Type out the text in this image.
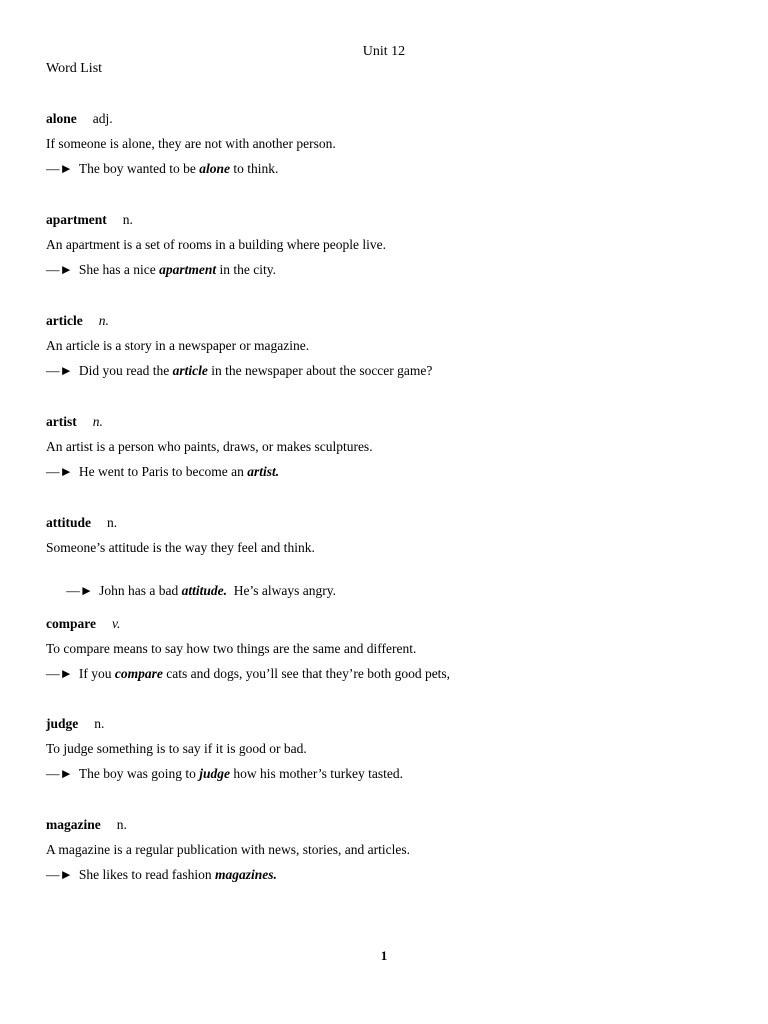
Unit 12
Word List
alone adj.
If someone is alone, they are not with another person.
—► The boy wanted to be alone to think.
apartment n.
An apartment is a set of rooms in a building where people live.
—► She has a nice apartment in the city.
article n.
An article is a story in a newspaper or magazine.
—► Did you read the article in the newspaper about the soccer game?
artist n.
An artist is a person who paints, draws, or makes sculptures.
—► He went to Paris to become an artist.
attitude n.
Someone’s attitude is the way they feel and think.

—► John has a bad attitude.  He’s always angry.

compare v.
To compare means to say how two things are the same and different.
—► If you compare cats and dogs, you’ll see that they’re both good pets,
judge n.
To judge something is to say if it is good or bad.
—► The boy was going to judge how his mother’s turkey tasted.
magazine n.
A magazine is a regular publication with news, stories, and articles.
—► She likes to read fashion magazines.
1
